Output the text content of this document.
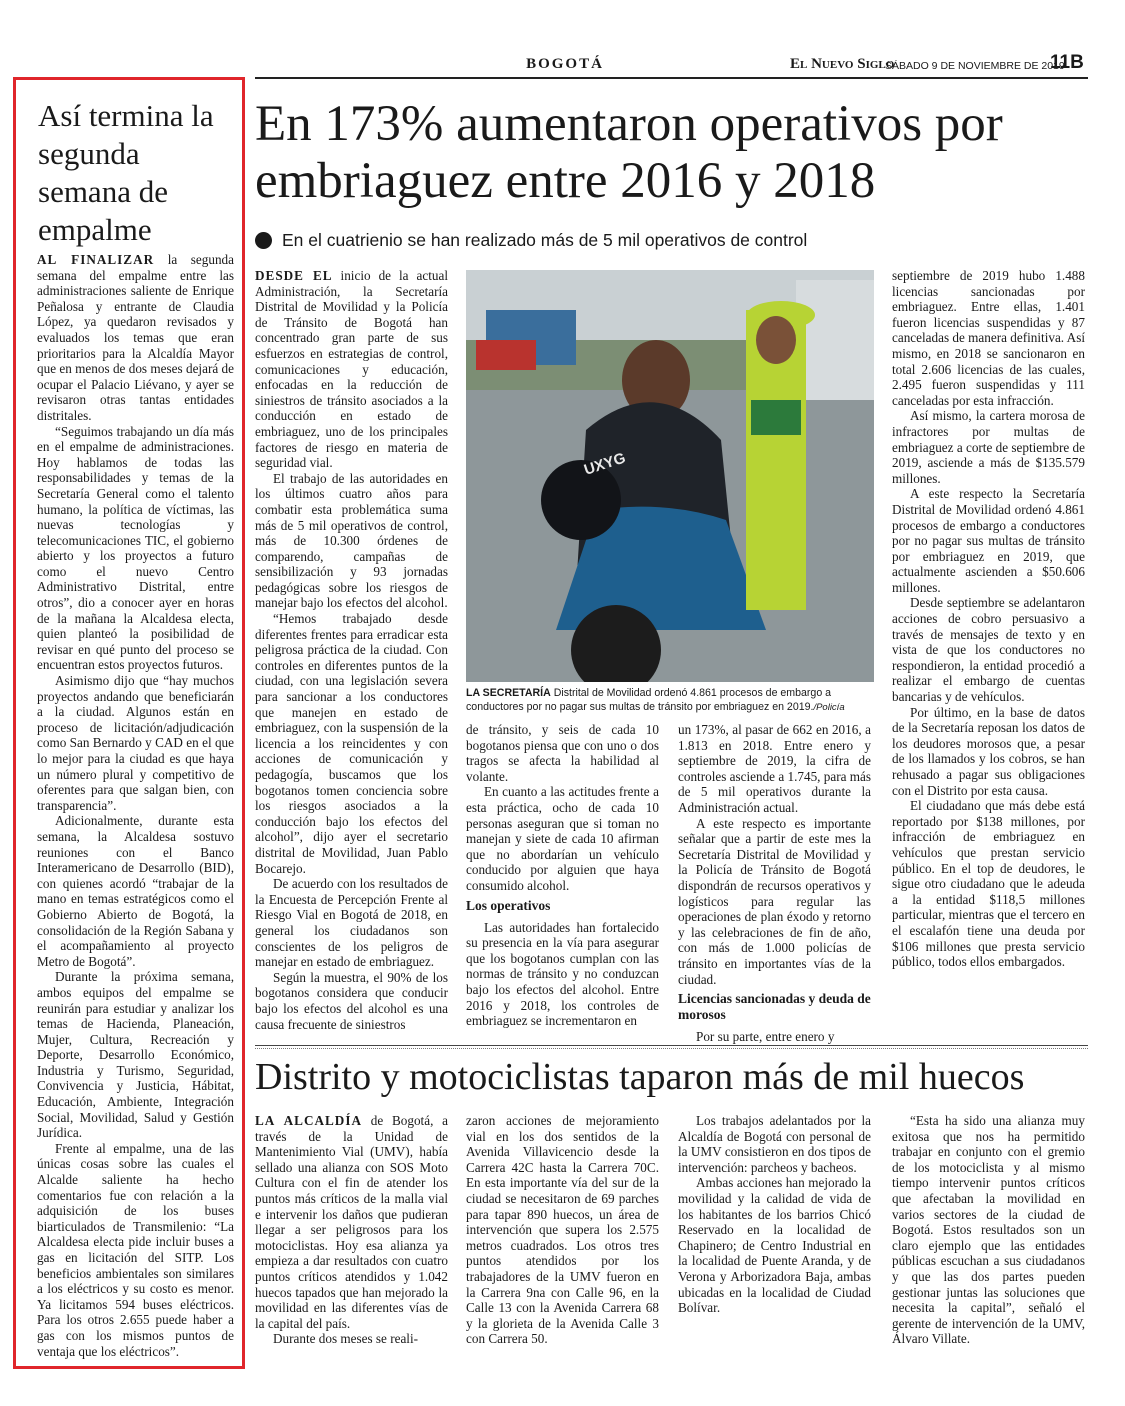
BOGOTÁ	El Nuevo Siglo
SÁBADO 9 DE NOVIEMBRE DE 2019
11B
Así termina la segunda semana de empalme

AL FINALIZAR la segunda semana del empalme entre las administraciones saliente de Enrique Peñalosa y entrante de Claudia López, ya quedaron revisados y evaluados los temas que eran prioritarios para la Alcaldía Mayor que en menos de dos meses dejará de ocupar el Palacio Liévano, y ayer se revisaron otras tantas entidades distritales.

“Seguimos trabajando un día más en el empalme de administraciones. Hoy hablamos de todas las responsabilidades y temas de la Secretaría General como el talento humano, la política de víctimas, las nuevas tecnologías y telecomunicaciones TIC, el gobierno abierto y los proyectos a futuro como el nuevo Centro Administrativo Distrital, entre otros”, dio a conocer ayer en horas de la mañana la Alcaldesa electa, quien planteó la posibilidad de revisar en qué punto del proceso se encuentran estos proyectos futuros.

Asimismo dijo que “hay muchos proyectos andando que beneficiarán a la ciudad. Algunos están en proceso de licitación/adjudicación como San Bernardo y CAD en el que lo mejor para la ciudad es que haya un número plural y competitivo de oferentes para que salgan bien, con transparencia”.

Adicionalmente, durante esta semana, la Alcaldesa sostuvo reuniones con el Banco Interamericano de Desarrollo (BID), con quienes acordó “trabajar de la mano en temas estratégicos como el Gobierno Abierto de Bogotá, la consolidación de la Región Sabana y el acompañamiento al proyecto Metro de Bogotá”.

Durante la próxima semana, ambos equipos del empalme se reunirán para estudiar y analizar los temas de Hacienda, Planeación, Mujer, Cultura, Recreación y Deporte, Desarrollo Económico, Industria y Turismo, Seguridad, Convivencia y Justicia, Hábitat, Educación, Ambiente, Integración Social, Movilidad, Salud y Gestión Jurídica.

Frente al empalme, una de las únicas cosas sobre las cuales el Alcalde saliente ha hecho comentarios fue con relación a la adquisición de los buses biarticulados de Transmilenio: “La Alcaldesa electa pide incluir buses a gas en licitación del SITP. Los beneficios ambientales son similares a los eléctricos y su costo es menor. Ya licitamos 594 buses eléctricos. Para los otros 2.655 puede haber a gas con los mismos puntos de ventaja que los eléctricos”.

En 173% aumentaron operativos por embriaguez entre 2016 y 2018
En el cuatrienio se han realizado más de 5 mil operativos de control

DESDE EL inicio de la actual Administración, la Secretaría Distrital de Movilidad y la Policía de Tránsito de Bogotá han concentrado gran parte de sus esfuerzos en estrategias de control, comunicaciones y educación, enfocadas en la reducción de siniestros de tránsito asociados a la conducción en estado de embriaguez, uno de los principales factores de riesgo en materia de seguridad vial.

El trabajo de las autoridades en los últimos cuatro años para combatir esta problemática suma más de 5 mil operativos de control, más de 10.300 órdenes de comparendo, campañas de sensibilización y 93 jornadas pedagógicas sobre los riesgos de manejar bajo los efectos del alcohol.

“Hemos trabajado desde diferentes frentes para erradicar esta peligrosa práctica de la ciudad. Con controles en diferentes puntos de la ciudad, con una legislación severa para sancionar a los conductores que manejen en estado de embriaguez, con la suspensión de la licencia a los reincidentes y con acciones de comunicación y pedagogía, buscamos que los bogotanos tomen conciencia sobre los riesgos asociados a la conducción bajo los efectos del alcohol”, dijo ayer el secretario distrital de Movilidad, Juan Pablo Bocarejo.

De acuerdo con los resultados de la Encuesta de Percepción Frente al Riesgo Vial en Bogotá de 2018, en general los ciudadanos son conscientes de los peligros de manejar en estado de embriaguez.

Según la muestra, el 90% de los bogotanos considera que conducir bajo los efectos del alcohol es una causa frecuente de siniestros

UXYG
LA SECRETARÍA Distrital de Movilidad ordenó 4.861 procesos de embargo a conductores por no pagar sus multas de tránsito por embriaguez en 2019./Policía

de tránsito, y seis de cada 10 bogotanos piensa que con uno o dos tragos se afecta la habilidad al volante.

En cuanto a las actitudes frente a esta práctica, ocho de cada 10 personas aseguran que si toman no manejan y siete de cada 10 afirman que no abordarían un vehículo conducido por alguien que haya consumido alcohol.

Los operativos

Las autoridades han fortalecido su presencia en la vía para asegurar que los bogotanos cumplan con las normas de tránsito y no conduzcan bajo los efectos del alcohol. Entre 2016 y 2018, los controles de embriaguez se incrementaron en

un 173%, al pasar de 662 en 2016, a 1.813 en 2018. Entre enero y septiembre de 2019, la cifra de controles asciende a 1.745, para más de 5 mil operativos durante la Administración actual.

A este respecto es importante señalar que a partir de este mes la Secretaría Distrital de Movilidad y la Policía de Tránsito de Bogotá dispondrán de recursos operativos y logísticos para regular las operaciones de plan éxodo y retorno y las celebraciones de fin de año, con más de 1.000 policías de tránsito en importantes vías de la ciudad.

Licencias sancionadas y deuda de morosos

Por su parte, entre enero y

septiembre de 2019 hubo 1.488 licencias sancionadas por embriaguez. Entre ellas, 1.401 fueron licencias suspendidas y 87 canceladas de manera definitiva. Así mismo, en 2018 se sancionaron en total 2.606 licencias de las cuales, 2.495 fueron suspendidas y 111 canceladas por esta infracción.

Así mismo, la cartera morosa de infractores por multas de embriaguez a corte de septiembre de 2019, asciende a más de $135.579 millones.

A este respecto la Secretaría Distrital de Movilidad ordenó 4.861 procesos de embargo a conductores por no pagar sus multas de tránsito por embriaguez en 2019, que actualmente ascienden a $50.606 millones.

Desde septiembre se adelantaron acciones de cobro persuasivo a través de mensajes de texto y en vista de que los conductores no respondieron, la entidad procedió a realizar el embargo de cuentas bancarias y de vehículos.

Por último, en la base de datos de la Secretaría reposan los datos de los deudores morosos que, a pesar de los llamados y los cobros, se han rehusado a pagar sus obligaciones con el Distrito por esta causa.

El ciudadano que más debe está reportado por $138 millones, por infracción de embriaguez en vehículos que prestan servicio público. En el top de deudores, le sigue otro ciudadano que le adeuda a la entidad $118,5 millones particular, mientras que el tercero en el escalafón tiene una deuda por $106 millones que presta servicio público, todos ellos embargados.

Distrito y motociclistas taparon más de mil huecos

LA ALCALDÍA de Bogotá, a través de la Unidad de Mantenimiento Vial (UMV), había sellado una alianza con SOS Moto Cultura con el fin de atender los puntos más críticos de la malla vial e intervenir los daños que pudieran llegar a ser peligrosos para los motociclistas. Hoy esa alianza ya empieza a dar resultados con cuatro puntos críticos atendidos y 1.042 huecos tapados que han mejorado la movilidad en las diferentes vías de la capital del país.

Durante dos meses se reali-

zaron acciones de mejoramiento vial en los dos sentidos de la Avenida Villavicencio desde la Carrera 42C hasta la Carrera 70C. En esta importante vía del sur de la ciudad se necesitaron de 69 parches para tapar 890 huecos, un área de intervención que supera los 2.575 metros cuadrados. Los otros tres puntos atendidos por los trabajadores de la UMV fueron en la Carrera 9na con Calle 96, en la Calle 13 con la Avenida Carrera 68 y la glorieta de la Avenida Calle 3 con Carrera 50.

Los trabajos adelantados por la Alcaldía de Bogotá con personal de la UMV consistieron en dos tipos de intervención: parcheos y bacheos.

Ambas acciones han mejorado la movilidad y la calidad de vida de los habitantes de los barrios Chicó Reservado en la localidad de Chapinero; de Centro Industrial en la localidad de Puente Aranda, y de Verona y Arborizadora Baja, ambas ubicadas en la localidad de Ciudad Bolívar.

“Esta ha sido una alianza muy exitosa que nos ha permitido trabajar en conjunto con el gremio de los motociclista y al mismo tiempo intervenir puntos críticos que afectaban la movilidad en varios sectores de la ciudad de Bogotá. Estos resultados son un claro ejemplo que las entidades públicas escuchan a sus ciudadanos y que las dos partes pueden gestionar juntas las soluciones que necesita la capital”, señaló el gerente de intervención de la UMV, Álvaro Villate.
